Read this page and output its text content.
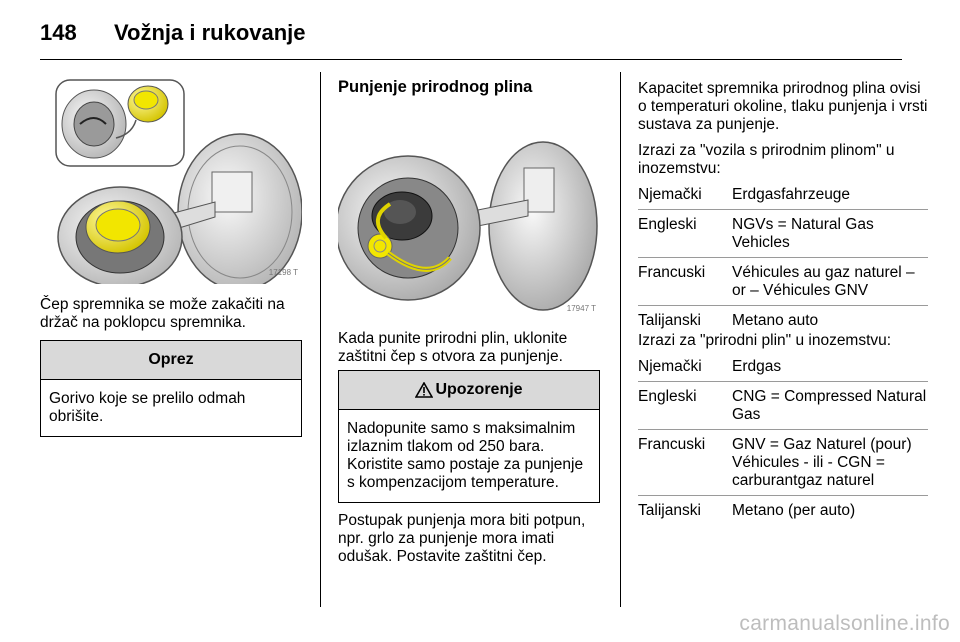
148 Vožnja i rukovanje
17198 T

Čep spremnika se može zakačiti na držač na poklopcu spremnika.

Oprez
Gorivo koje se prelilo odmah obrišite.
Punjenje prirodnog plina
17947 T

Kada punite prirodni plin, uklonite zaštitni čep s otvora za punjenje.

Upozorenje
Nadopunite samo s maksimalnim izlaznim tlakom od 250 bara. Koristite samo postaje za punjenje s kompenzacijom temperature.

Postupak punjenja mora biti potpun, npr. grlo za punjenje mora imati odušak. Postavite zaštitni čep.

Kapacitet spremnika prirodnog plina ovisi o temperaturi okoline, tlaku punjenja i vrsti sustava za punjenje.

Izrazi za "vozila s prirodnim plinom" u inozemstvu:

Njemački	Erdgasfahrzeuge
Engleski	NGVs = Natural Gas Vehicles
Francuski	Véhicules au gaz naturel – or – Véhicules GNV
Talijanski	Metano auto

Izrazi za "prirodni plin" u inozemstvu:

Njemački	Erdgas
Engleski	CNG = Compressed Natural Gas
Francuski	GNV = Gaz Naturel (pour) Véhicules - ili - CGN = carburantgaz naturel
Talijanski	Metano (per auto)
carmanualsonline.info
